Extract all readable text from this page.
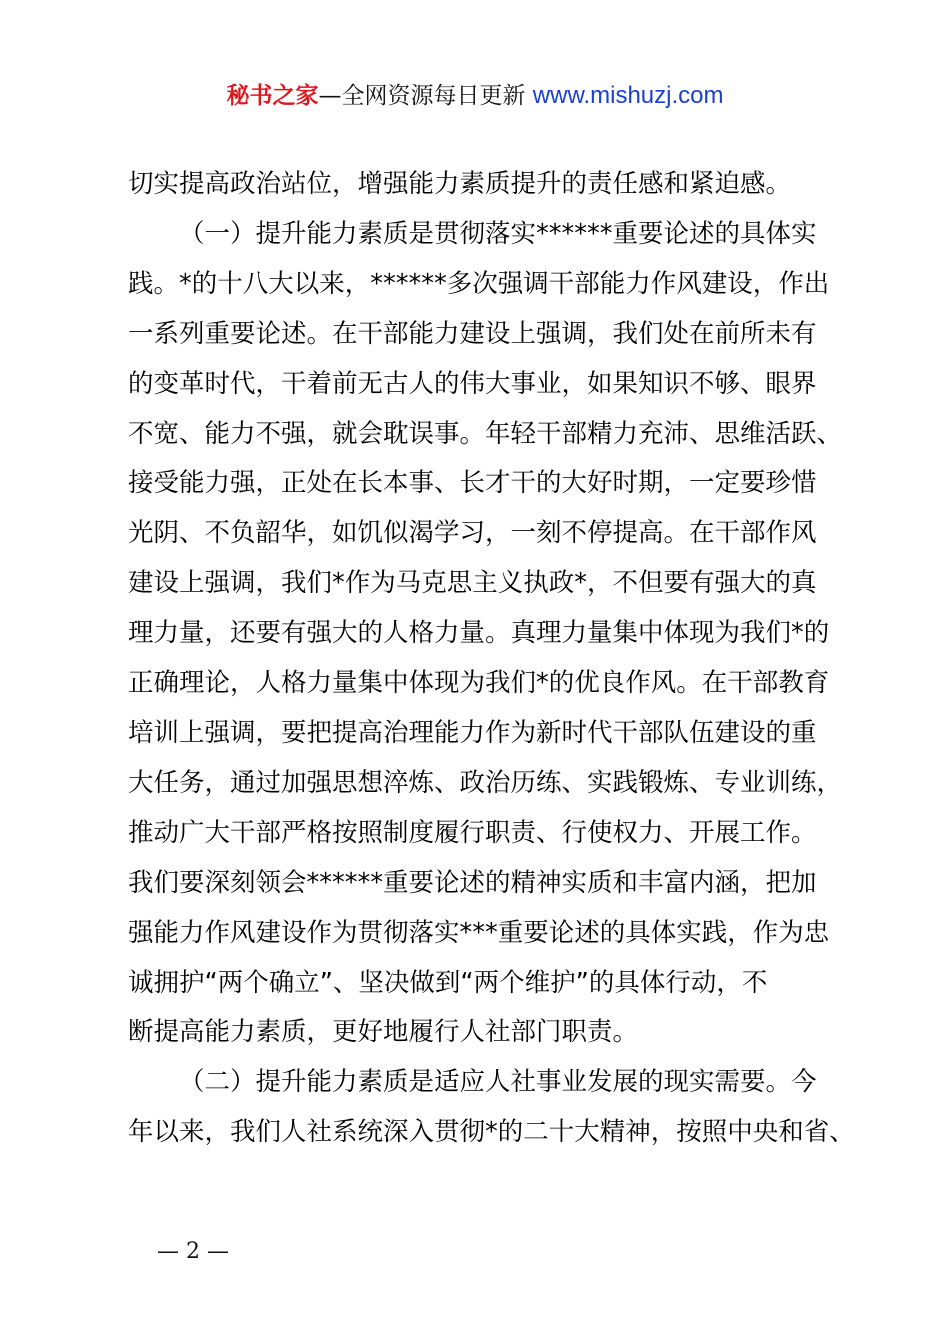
秘书之家—全网资源每日更新 www.mishuzj.com

切实提高政治站位，增强能力素质提升的责任感和紧迫感。

（一）提升能力素质是贯彻落实******重要论述的具体实
践。*的十八大以来，******多次强调干部能力作风建设，作出
一系列重要论述。在干部能力建设上强调，我们处在前所未有
的变革时代，干着前无古人的伟大事业，如果知识不够、眼界
不宽、能力不强，就会耽误事。年轻干部精力充沛、思维活跃、
接受能力强，正处在长本事、长才干的大好时期，一定要珍惜
光阴、不负韶华，如饥似渴学习，一刻不停提高。在干部作风
建设上强调，我们*作为马克思主义执政*，不但要有强大的真
理力量，还要有强大的人格力量。真理力量集中体现为我们*的
正确理论，人格力量集中体现为我们*的优良作风。在干部教育
培训上强调，要把提高治理能力作为新时代干部队伍建设的重
大任务，通过加强思想淬炼、政治历练、实践锻炼、专业训练，
推动广大干部严格按照制度履行职责、行使权力、开展工作。
我们要深刻领会******重要论述的精神实质和丰富内涵，把加
强能力作风建设作为贯彻落实***重要论述的具体实践，作为忠
诚拥护“两个确立”、坚决做到“两个维护”的具体行动，不
断提高能力素质，更好地履行人社部门职责。

（二）提升能力素质是适应人社事业发展的现实需要。今
年以来，我们人社系统深入贯彻*的二十大精神，按照中央和省、

— 2 —
